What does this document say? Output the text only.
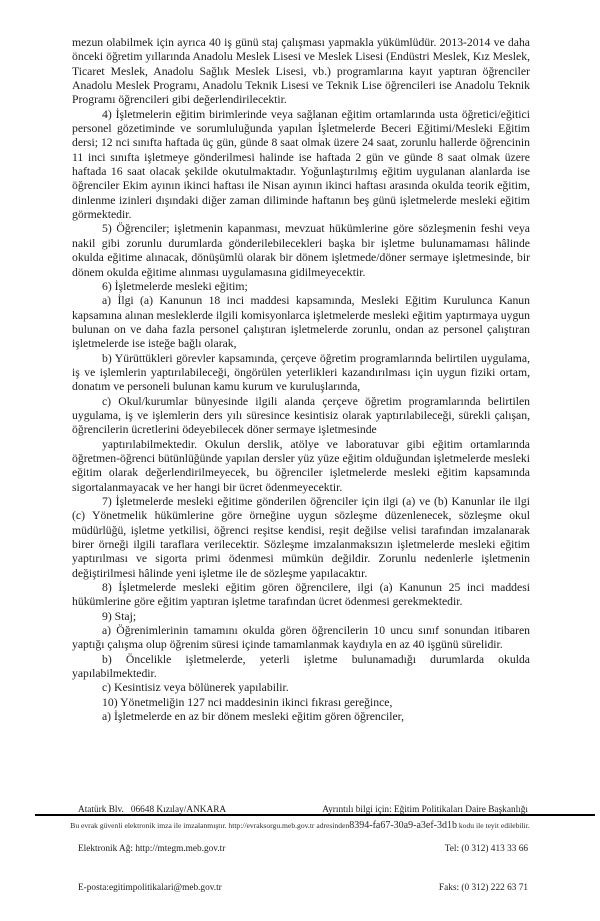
mezun olabilmek için ayrıca 40 iş günü staj çalışması yapmakla yükümlüdür. 2013-2014 ve daha önceki öğretim yıllarında Anadolu Meslek Lisesi ve Meslek Lisesi (Endüstri Meslek, Kız Meslek, Ticaret Meslek, Anadolu Sağlık Meslek Lisesi, vb.) programlarına kayıt yaptıran öğrenciler Anadolu Meslek Programı, Anadolu Teknik Lisesi ve Teknik Lise öğrencileri ise Anadolu Teknik Programı öğrencileri gibi değerlendirilecektir.

4) İşletmelerin eğitim birimlerinde veya sağlanan eğitim ortamlarında usta öğretici/eğitici personel gözetiminde ve sorumluluğunda yapılan İşletmelerde Beceri Eğitimi/Mesleki Eğitim dersi; 12 nci sınıfta haftada üç gün, günde 8 saat olmak üzere 24 saat, zorunlu hallerde öğrencinin 11 inci sınıfta işletmeye gönderilmesi halinde ise haftada 2 gün ve günde 8 saat olmak üzere haftada 16 saat olacak şekilde okutulmaktadır. Yoğunlaştırılmış eğitim uygulanan alanlarda ise öğrenciler Ekim ayının ikinci haftası ile Nisan ayının ikinci haftası arasında okulda teorik eğitim, dinlenme izinleri dışındaki diğer zaman diliminde haftanın beş günü işletmelerde mesleki eğitim görmektedir.

5) Öğrenciler; işletmenin kapanması, mevzuat hükümlerine göre sözleşmenin feshi veya nakil gibi zorunlu durumlarda gönderilebilecekleri başka bir işletme bulunamaması hâlinde okulda eğitime alınacak, dönüşümlü olarak bir dönem işletmede/döner sermaye işletmesinde, bir dönem okulda eğitime alınması uygulamasına gidilmeyecektir.

6) İşletmelerde mesleki eğitim;

a) İlgi (a) Kanunun 18 inci maddesi kapsamında, Mesleki Eğitim Kurulunca Kanun kapsamına alınan mesleklerde ilgili komisyonlarca işletmelerde mesleki eğitim yaptırmaya uygun bulunan on ve daha fazla personel çalıştıran işletmelerde zorunlu, ondan az personel çalıştıran işletmelerde ise isteğe bağlı olarak,

b) Yürüttükleri görevler kapsamında, çerçeve öğretim programlarında belirtilen uygulama, iş ve işlemlerin yaptırılabileceği, öngörülen yeterlikleri kazandırılması için uygun fiziki ortam, donatım ve personeli bulunan kamu kurum ve kuruluşlarında,

c) Okul/kurumlar bünyesinde ilgili alanda çerçeve öğretim programlarında belirtilen uygulama, iş ve işlemlerin ders yılı süresince kesintisiz olarak yaptırılabileceği, sürekli çalışan, öğrencilerin ücretlerini ödeyebilecek döner sermaye işletmesinde

yaptırılabilmektedir. Okulun derslik, atölye ve laboratuvar gibi eğitim ortamlarında öğretmen-öğrenci bütünlüğünde yapılan dersler yüz yüze eğitim olduğundan işletmelerde mesleki eğitim olarak değerlendirilmeyecek, bu öğrenciler işletmelerde mesleki eğitim kapsamında sigortalanmayacak ve her hangi bir ücret ödenmeyecektir.

7) İşletmelerde mesleki eğitime gönderilen öğrenciler için ilgi (a) ve (b) Kanunlar ile ilgi (c) Yönetmelik hükümlerine göre örneğine uygun sözleşme düzenlenecek, sözleşme okul müdürlüğü, işletme yetkilisi, öğrenci reşitse kendisi, reşit değilse velisi tarafından imzalanarak birer örneği ilgili taraflara verilecektir. Sözleşme imzalanmaksızın işletmelerde mesleki eğitim yaptırılması ve sigorta primi ödenmesi mümkün değildir. Zorunlu nedenlerle işletmenin değiştirilmesi hâlinde yeni işletme ile de sözleşme yapılacaktır.

8) İşletmelerde mesleki eğitim gören öğrencilere, ilgi (a) Kanunun 25 inci maddesi hükümlerine göre eğitim yaptıran işletme tarafından ücret ödenmesi gerekmektedir.

9) Staj;

a) Öğrenimlerinin tamamını okulda gören öğrencilerin 10 uncu sınıf sonundan itibaren yaptığı çalışma olup öğrenim süresi içinde tamamlanmak kaydıyla en az 40 işgünü sürelidir.

b) Öncelikle işletmelerde, yeterli işletme bulunamadığı durumlarda okulda yapılabilmektedir.

c) Kesintisiz veya bölünerek yapılabilir.

10) Yönetmeliğin 127 nci maddesinin ikinci fıkrası gereğince,

a) İşletmelerde en az bir dönem mesleki eğitim gören öğrenciler,

Atatürk Blv.   06648 Kızılay/ANKARA

Elektronik Ağ: http://mtegm.meb.gov.tr

E-posta:egitimpolitikalari@meb.gov.tr

Ayrıntılı bilgi için: Eğitim Politikaları Daire Başkanlığı

Tel: (0 312) 413 33 66

Faks: (0 312) 222 63 71

Bu evrak güvenli elektronik imza ile imzalanmıştır. http://evraksorgu.meb.gov.tr adresinden8394-fa67-30a9-a3ef-3d1b kodu ile teyit edilebilir.
